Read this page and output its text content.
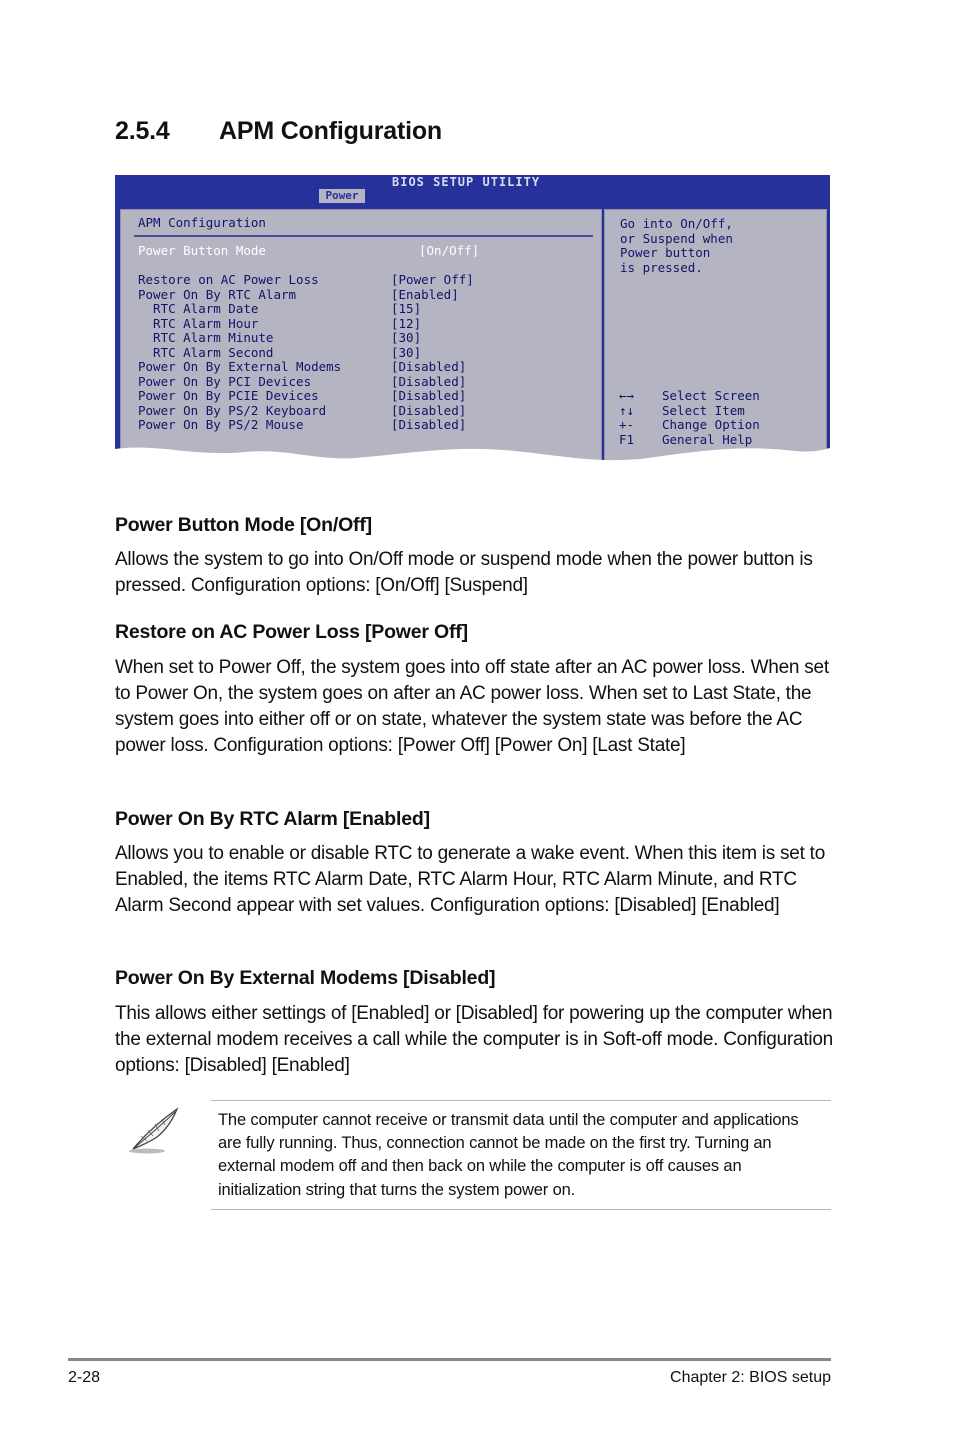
2.5.4 APM Configuration
BIOS SETUP UTILITY
Power

APM Configuration

Power Button Mode	[On/Off]
Restore on AC Power Loss	[Power Off]
Power On By RTC Alarm	[Enabled]
RTC Alarm Date	[15]
RTC Alarm Hour	[12]
RTC Alarm Minute	[30]
RTC Alarm Second	[30]
Power On By External Modems	[Disabled]
Power On By PCI Devices	[Disabled]
Power On By PCIE Devices	[Disabled]
Power On By PS/2 Keyboard	[Disabled]
Power On By PS/2 Mouse	[Disabled]

Go into On/Off,

or Suspend when

Power button

is pressed.

←→ Select Screen
↑↓ Select Item
+- Change Option
F1 General Help
Power Button Mode [On/Off]

Allows the system to go into On/Off mode or suspend mode when the power button is pressed. Configuration options: [On/Off] [Suspend]

Restore on AC Power Loss [Power Off]

When set to Power Off, the system goes into off state after an AC power loss. When set to Power On, the system goes on after an AC power loss. When set to Last State, the system goes into either off or on state, whatever the system state was before the AC power loss. Configuration options: [Power Off] [Power On] [Last State]

Power On By RTC Alarm [Enabled]

Allows you to enable or disable RTC to generate a wake event. When this item is set to Enabled, the items RTC Alarm Date, RTC Alarm Hour, RTC Alarm Minute, and RTC Alarm Second appear with set values. Configuration options: [Disabled] [Enabled]

Power On By External Modems [Disabled]

This allows either settings of [Enabled] or [Disabled] for powering up the computer when the external modem receives a call while the computer is in Soft-off mode. Configuration options: [Disabled] [Enabled]

The computer cannot receive or transmit data until the computer and applications are fully running. Thus, connection cannot be made on the first try. Turning an external modem off and then back on while the computer is off causes an initialization string that turns the system power on.

2-28	Chapter 2: BIOS setup
